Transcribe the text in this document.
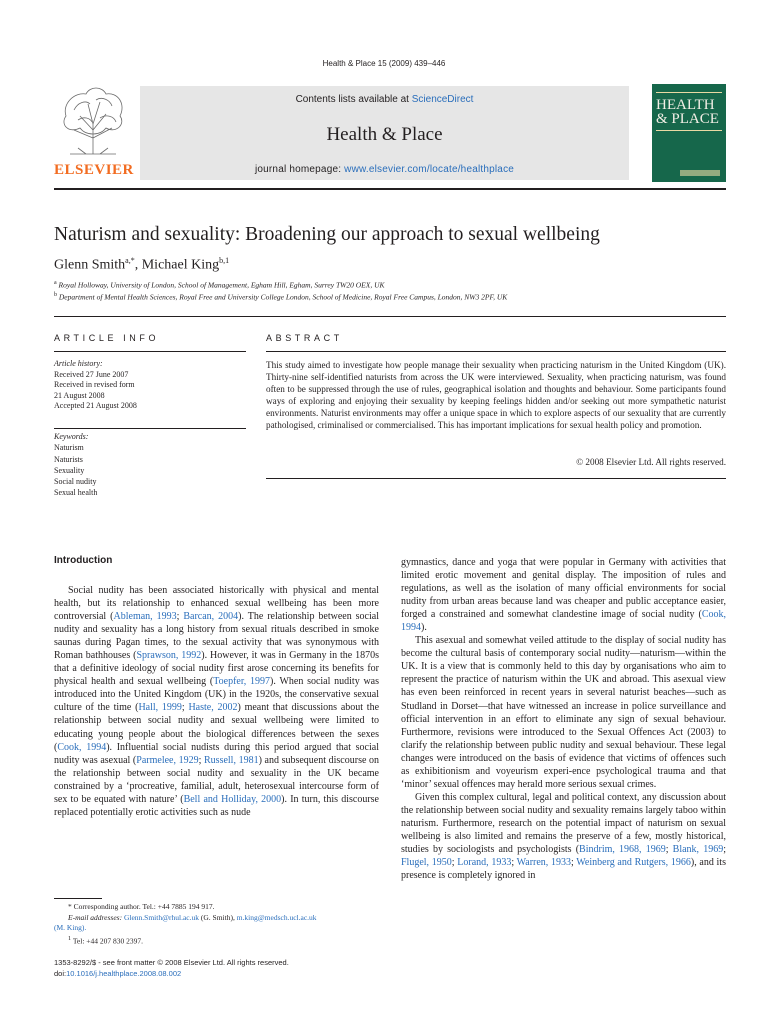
Health & Place 15 (2009) 439–446
ELSEVIER
Contents lists available at ScienceDirect
Health & Place
journal homepage: www.elsevier.com/locate/healthplace
HEALTH
& PLACE
Naturism and sexuality: Broadening our approach to sexual wellbeing
Glenn Smith$^{a,*}$, Michael King$^{b,1}$
$^a$ Royal Holloway, University of London, School of Management, Egham Hill, Egham, Surrey TW20 OEX, UK
$^b$ Department of Mental Health Sciences, Royal Free and University College London, School of Medicine, Royal Free Campus, London, NW3 2PF, UK
ARTICLE INFO
Article history:
Received 27 June 2007
Received in revised form
21 August 2008
Accepted 21 August 2008
Keywords:
Naturism
Naturists
Sexuality
Social nudity
Sexual health
ABSTRACT
This study aimed to investigate how people manage their sexuality when practicing naturism in the United Kingdom (UK). Thirty-nine self-identified naturists from across the UK were interviewed. Sexuality, when practicing naturism, was found often to be suppressed through the use of rules, geographical isolation and thoughts and behaviour. Some participants found ways of exploring and enjoying their sexuality by keeping feelings hidden and/or seeking out more sympathetic naturist environments. Naturist environments may offer a unique space in which to explore aspects of our sexuality that are currently pathologised, criminalised or commercialised. This has important implications for sexual health policy and promotion.
© 2008 Elsevier Ltd. All rights reserved.
Introduction

Social nudity has been associated historically with physical and mental health, but its relationship to enhanced sexual wellbeing has been more controversial (Ableman, 1993; Barcan, 2004). The relationship between social nudity and sexuality has a long history from sexual rituals described in smoke saunas during Pagan times, to the sexual activity that was synonymous with Roman bathhouses (Sprawson, 1992). However, it was in Germany in the 1870s that a definitive ideology of social nudity first arose concerning its benefits for physical health and sexual wellbeing (Toepfer, 1997). When social nudity was introduced into the United Kingdom (UK) in the 1920s, the conservative sexual culture of the time (Hall, 1999; Haste, 2002) meant that discussions about the relationship between social nudity and sexual wellbeing were limited to educating young people about the biological differences between the sexes (Cook, 1994). Influential social nudists during this period argued that social nudity was asexual (Parmelee, 1929; Russell, 1981) and subsequent discourse on the relationship between social nudity and sexuality in the UK became constrained by a ‘procreative, familial, adult, heterosexual intercourse form of sex to be equated with nature’ (Bell and Holliday, 2000). In turn, this discourse replaced potentially erotic activities such as nude

gymnastics, dance and yoga that were popular in Germany with activities that limited erotic movement and genital display. The imposition of rules and regulations, as well as the isolation of many official environments for social nudity from urban areas because land was cheaper and public acceptance easier, forged a constrained and somewhat clandestine image of social nudity (Cook, 1994).

This asexual and somewhat veiled attitude to the display of social nudity has become the cultural basis of contemporary social nudity—naturism—within the UK. It is a view that is commonly held to this day by organisations who aim to represent the practice of naturism within the UK and abroad. This asexual view has even been reinforced in recent years in several naturist beaches—such as Studland in Dorset—that have witnessed an increase in police surveillance and official intervention in an effort to eliminate any sign of sexual behaviour. Furthermore, revisions were introduced to the Sexual Offences Act (2003) to clarify the relationship between public nudity and sexual behaviour. These legal changes were introduced on the basis of evidence that victims of offences such as exhibitionism and voyeurism experi-ence psychological trauma and that ‘minor’ sexual offences may herald more serious sexual crimes.

Given this complex cultural, legal and political context, any discussion about the relationship between social nudity and sexuality remains largely taboo within naturism. Furthermore, research on the potential impact of naturism on sexual wellbeing is also limited and remains the preserve of a few, mostly historical, studies by sociologists and psychologists (Bindrim, 1968, 1969; Blank, 1969; Flugel, 1950; Lorand, 1933; Warren, 1933; Weinberg and Rutgers, 1966), and its presence is completely ignored in

* Corresponding author. Tel.: +44 7885 194 917.
E-mail addresses: Glenn.Smith@rhul.ac.uk (G. Smith), m.king@medsch.ucl.ac.uk
(M. King).
$^1$ Tel: +44 207 830 2397.
1353-8292/$ - see front matter © 2008 Elsevier Ltd. All rights reserved.
doi:10.1016/j.healthplace.2008.08.002
